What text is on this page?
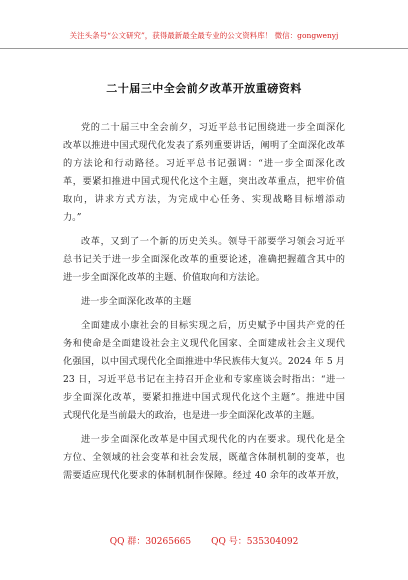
关注头条号“公文研究”，获得最新最全最专业的公文资料库！ 微信：gongwenyj
二十届三中全会前夕改革开放重磅资料
党的二十届三中全会前夕，习近平总书记围绕进一步全面深化
改革以推进中国式现代化发表了系列重要讲话，阐明了全面深化改革
的方法论和行动路径。习近平总书记强调：“进一步全面深化改
革，要紧扣推进中国式现代化这个主题，突出改革重点，把牢价值
取向，讲求方式方法，为完成中心任务、实现战略目标增添动
力。”
改革，又到了一个新的历史关头。领导干部要学习领会习近平
总书记关于进一步全面深化改革的重要论述，准确把握蕴含其中的
进一步全面深化改革的主题、价值取向和方法论。
进一步全面深化改革的主题
全面建成小康社会的目标实现之后，历史赋予中国共产党的任
务和使命是全面建设社会主义现代化国家、全面建成社会主义现代
化强国，以中国式现代化全面推进中华民族伟大复兴。2024 年 5 月
23 日，习近平总书记在主持召开企业和专家座谈会时指出：“进一
步全面深化改革，要紧扣推进中国式现代化这个主题”。推进中国
式现代化是当前最大的政治，也是进一步全面深化改革的主题。
进一步全面深化改革是中国式现代化的内在要求。现代化是全
方位、全领域的社会变革和社会发展，既蕴含体制机制的变革，也
需要适应现代化要求的体制机制作保障。经过 40 余年的改革开放，
QQ 群：30265665 QQ 号：535304092
